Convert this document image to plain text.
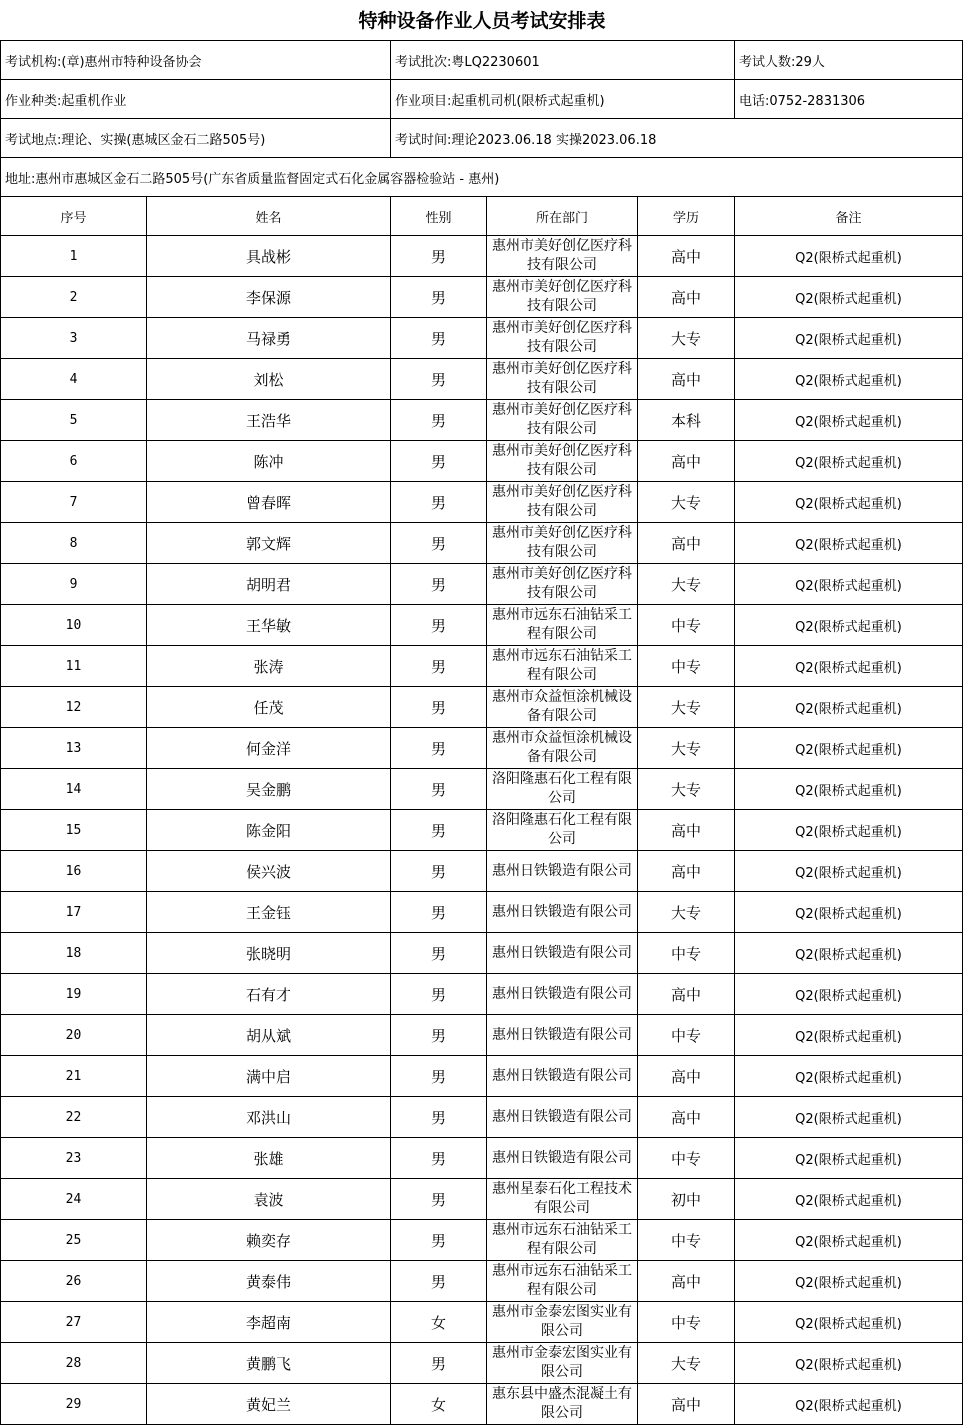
特种设备作业人员考试安排表
考试机构:(章)惠州市特种设备协会		考试批次:粤LQ2230601			考试人数:29人
作业种类:起重机作业		作业项目:起重机司机(限桥式起重机)			电话:0752-2831306
考试地点:理论、实操(惠城区金石二路505号)		考试时间:理论2023.06.18 实操2023.06.18			
地址:惠州市惠城区金石二路505号(广东省质量监督固定式石化金属容器检验站 - 惠州)					
序号	姓名	性别	所在部门	学历	备注
1	具战彬	男	惠州市美好创亿医疗科技有限公司	高中	Q2(限桥式起重机)
2	李保源	男	惠州市美好创亿医疗科技有限公司	高中	Q2(限桥式起重机)
3	马禄勇	男	惠州市美好创亿医疗科技有限公司	大专	Q2(限桥式起重机)
4	刘松	男	惠州市美好创亿医疗科技有限公司	高中	Q2(限桥式起重机)
5	王浩华	男	惠州市美好创亿医疗科技有限公司	本科	Q2(限桥式起重机)
6	陈冲	男	惠州市美好创亿医疗科技有限公司	高中	Q2(限桥式起重机)
7	曾春晖	男	惠州市美好创亿医疗科技有限公司	大专	Q2(限桥式起重机)
8	郭文辉	男	惠州市美好创亿医疗科技有限公司	高中	Q2(限桥式起重机)
9	胡明君	男	惠州市美好创亿医疗科技有限公司	大专	Q2(限桥式起重机)
10	王华敏	男	惠州市远东石油钻采工程有限公司	中专	Q2(限桥式起重机)
11	张涛	男	惠州市远东石油钻采工程有限公司	中专	Q2(限桥式起重机)
12	任茂	男	惠州市众益恒涂机械设备有限公司	大专	Q2(限桥式起重机)
13	何金洋	男	惠州市众益恒涂机械设备有限公司	大专	Q2(限桥式起重机)
14	吴金鹏	男	洛阳隆惠石化工程有限公司	大专	Q2(限桥式起重机)
15	陈金阳	男	洛阳隆惠石化工程有限公司	高中	Q2(限桥式起重机)
16	侯兴波	男	惠州日铁锻造有限公司	高中	Q2(限桥式起重机)
17	王金钰	男	惠州日铁锻造有限公司	大专	Q2(限桥式起重机)
18	张晓明	男	惠州日铁锻造有限公司	中专	Q2(限桥式起重机)
19	石有才	男	惠州日铁锻造有限公司	高中	Q2(限桥式起重机)
20	胡从斌	男	惠州日铁锻造有限公司	中专	Q2(限桥式起重机)
21	满中启	男	惠州日铁锻造有限公司	高中	Q2(限桥式起重机)
22	邓洪山	男	惠州日铁锻造有限公司	高中	Q2(限桥式起重机)
23	张雄	男	惠州日铁锻造有限公司	中专	Q2(限桥式起重机)
24	袁波	男	惠州星泰石化工程技术有限公司	初中	Q2(限桥式起重机)
25	赖奕存	男	惠州市远东石油钻采工程有限公司	中专	Q2(限桥式起重机)
26	黄泰伟	男	惠州市远东石油钻采工程有限公司	高中	Q2(限桥式起重机)
27	李超南	女	惠州市金泰宏图实业有限公司	中专	Q2(限桥式起重机)
28	黄鹏飞	男	惠州市金泰宏图实业有限公司	大专	Q2(限桥式起重机)
29	黄妃兰	女	惠东县中盛杰混凝土有限公司	高中	Q2(限桥式起重机)
